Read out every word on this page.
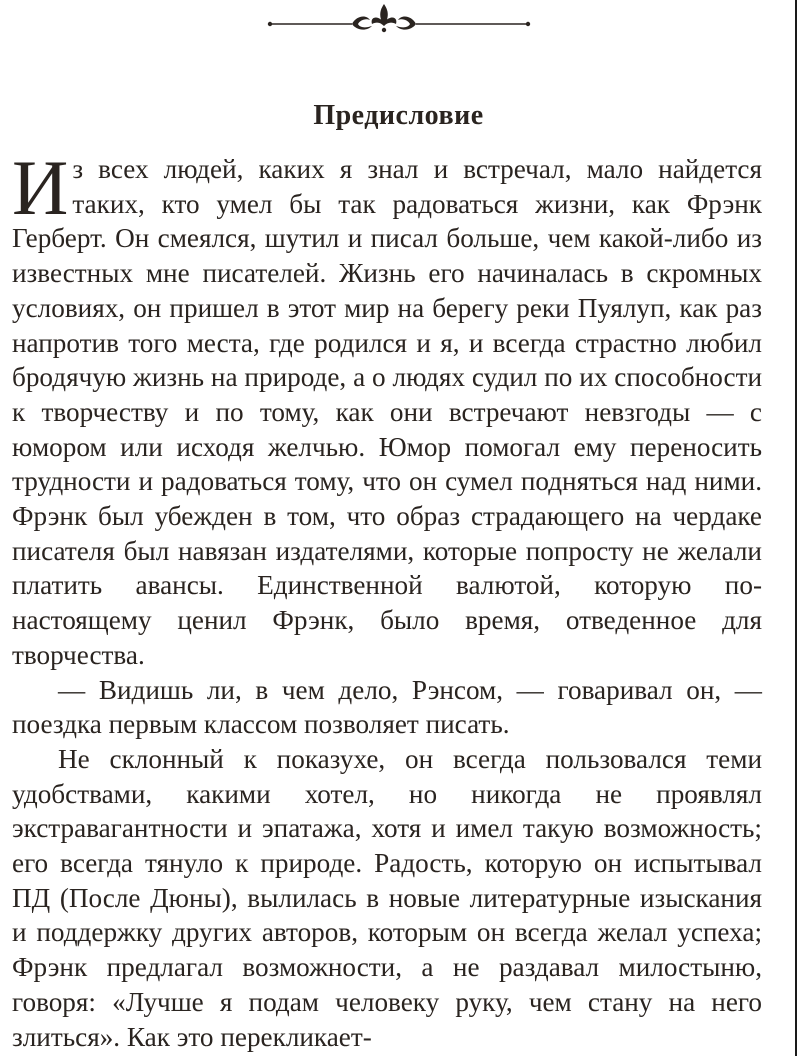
Предисловие

Из всех людей, каких я знал и встречал, мало найдется таких, кто умел бы так радоваться жизни, как Фрэнк Герберт. Он смеялся, шутил и писал больше, чем какой-либо из известных мне писателей. Жизнь его начиналась в скромных условиях, он пришел в этот мир на берегу реки Пуялуп, как раз напротив того места, где родился и я, и всегда страстно любил бродячую жизнь на природе, а о людях судил по их способности к творчеству и по тому, как они встречают невзгоды — с юмором или исходя желчью. Юмор помогал ему переносить трудности и радоваться тому, что он сумел подняться над ними. Фрэнк был убежден в том, что образ страдающего на чердаке писателя был навязан издателями, которые попросту не желали платить авансы. Единственной валютой, которую по-настоящему ценил Фрэнк, было время, отведенное для творчества.

— Видишь ли, в чем дело, Рэнсом, — говаривал он, — поездка первым классом позволяет писать.

Не склонный к показухе, он всегда пользовался теми удобствами, какими хотел, но никогда не проявлял экстравагантности и эпатажа, хотя и имел такую возможность; его всегда тянуло к природе. Радость, которую он испытывал ПД (После Дюны), вылилась в новые литературные изыскания и поддержку других авторов, которым он всегда желал успеха; Фрэнк предлагал возможности, а не раздавал милостыню, говоря: «Лучше я подам человеку руку, чем стану на него злиться». Как это перекликает-
